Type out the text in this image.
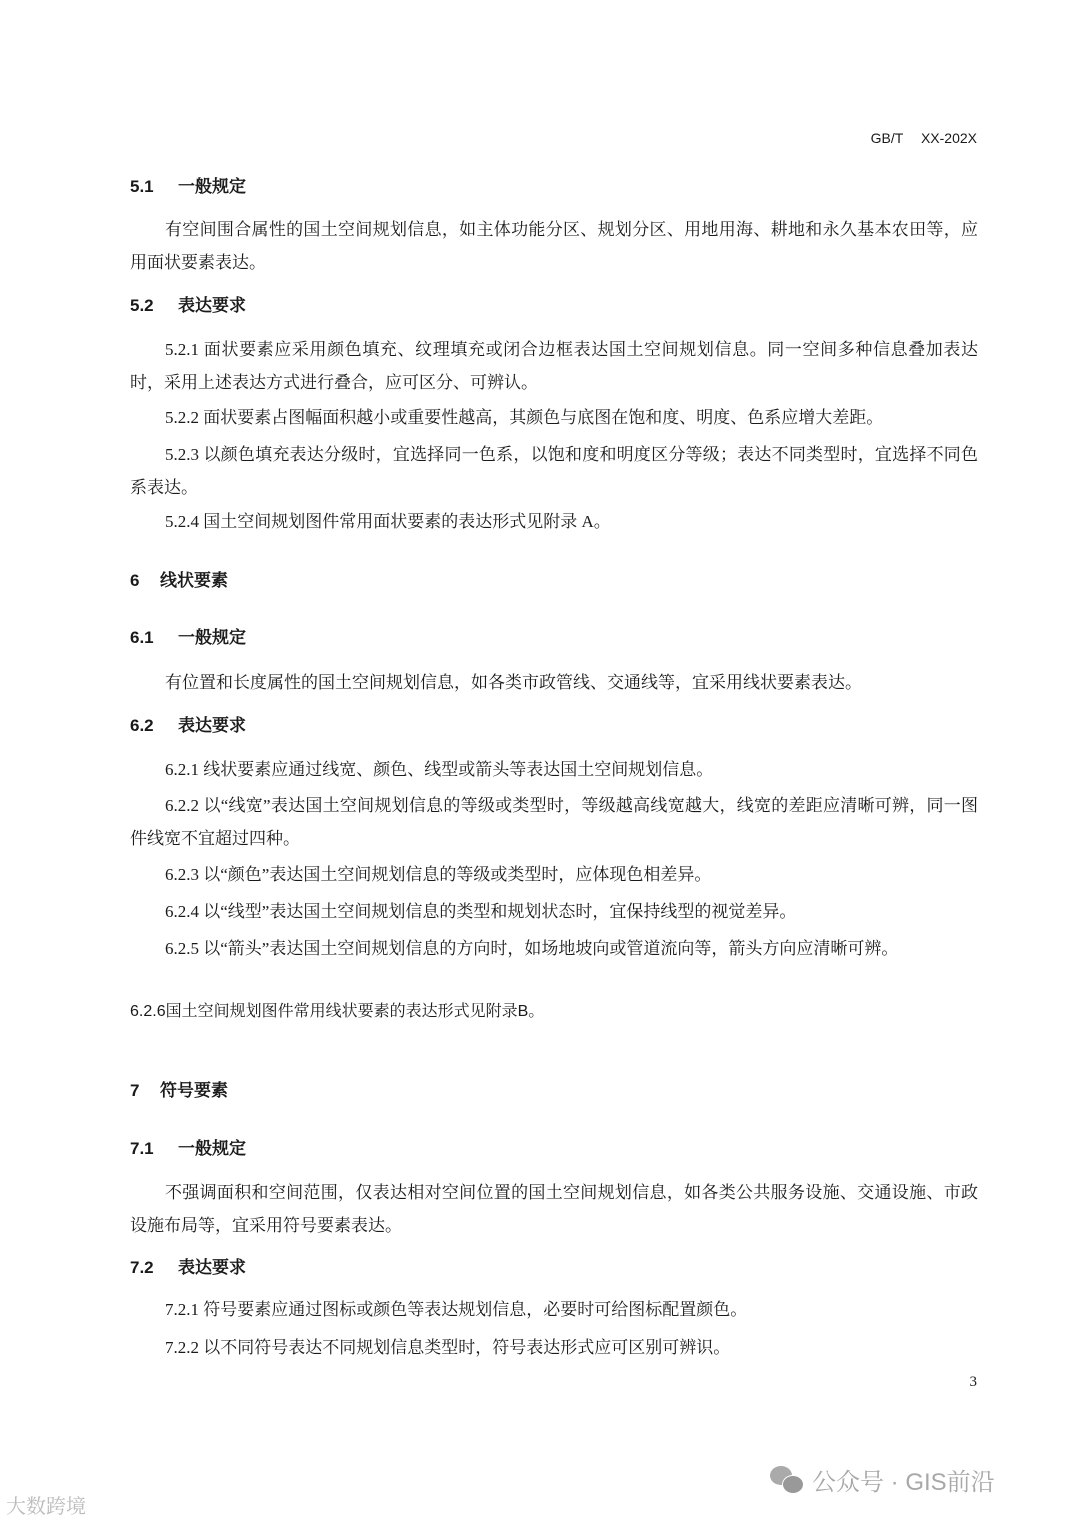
GB/T XX-202X
5.1 一般规定
有空间围合属性的国土空间规划信息，如主体功能分区、规划分区、用地用海、耕地和永久基本农田等，应用面状要素表达。
5.2 表达要求
5.2.1 面状要素应采用颜色填充、纹理填充或闭合边框表达国土空间规划信息。同一空间多种信息叠加表达时，采用上述表达方式进行叠合，应可区分、可辨认。
5.2.2 面状要素占图幅面积越小或重要性越高，其颜色与底图在饱和度、明度、色系应增大差距。
5.2.3 以颜色填充表达分级时，宜选择同一色系，以饱和度和明度区分等级；表达不同类型时，宜选择不同色系表达。
5.2.4 国土空间规划图件常用面状要素的表达形式见附录 A。
6 线状要素
6.1 一般规定
有位置和长度属性的国土空间规划信息，如各类市政管线、交通线等，宜采用线状要素表达。
6.2 表达要求
6.2.1 线状要素应通过线宽、颜色、线型或箭头等表达国土空间规划信息。
6.2.2 以“线宽”表达国土空间规划信息的等级或类型时，等级越高线宽越大，线宽的差距应清晰可辨，同一图件线宽不宜超过四种。
6.2.3 以“颜色”表达国土空间规划信息的等级或类型时，应体现色相差异。
6.2.4 以“线型”表达国土空间规划信息的类型和规划状态时，宜保持线型的视觉差异。
6.2.5 以“箭头”表达国土空间规划信息的方向时，如场地坡向或管道流向等，箭头方向应清晰可辨。
6.2.6国土空间规划图件常用线状要素的表达形式见附录B。
7 符号要素
7.1 一般规定
不强调面积和空间范围，仅表达相对空间位置的国土空间规划信息，如各类公共服务设施、交通设施、市政设施布局等，宜采用符号要素表达。
7.2 表达要求
7.2.1 符号要素应通过图标或颜色等表达规划信息，必要时可给图标配置颜色。
7.2.2 以不同符号表达不同规划信息类型时，符号表达形式应可区别可辨识。
3
大数跨境
公众号 · GIS前沿
